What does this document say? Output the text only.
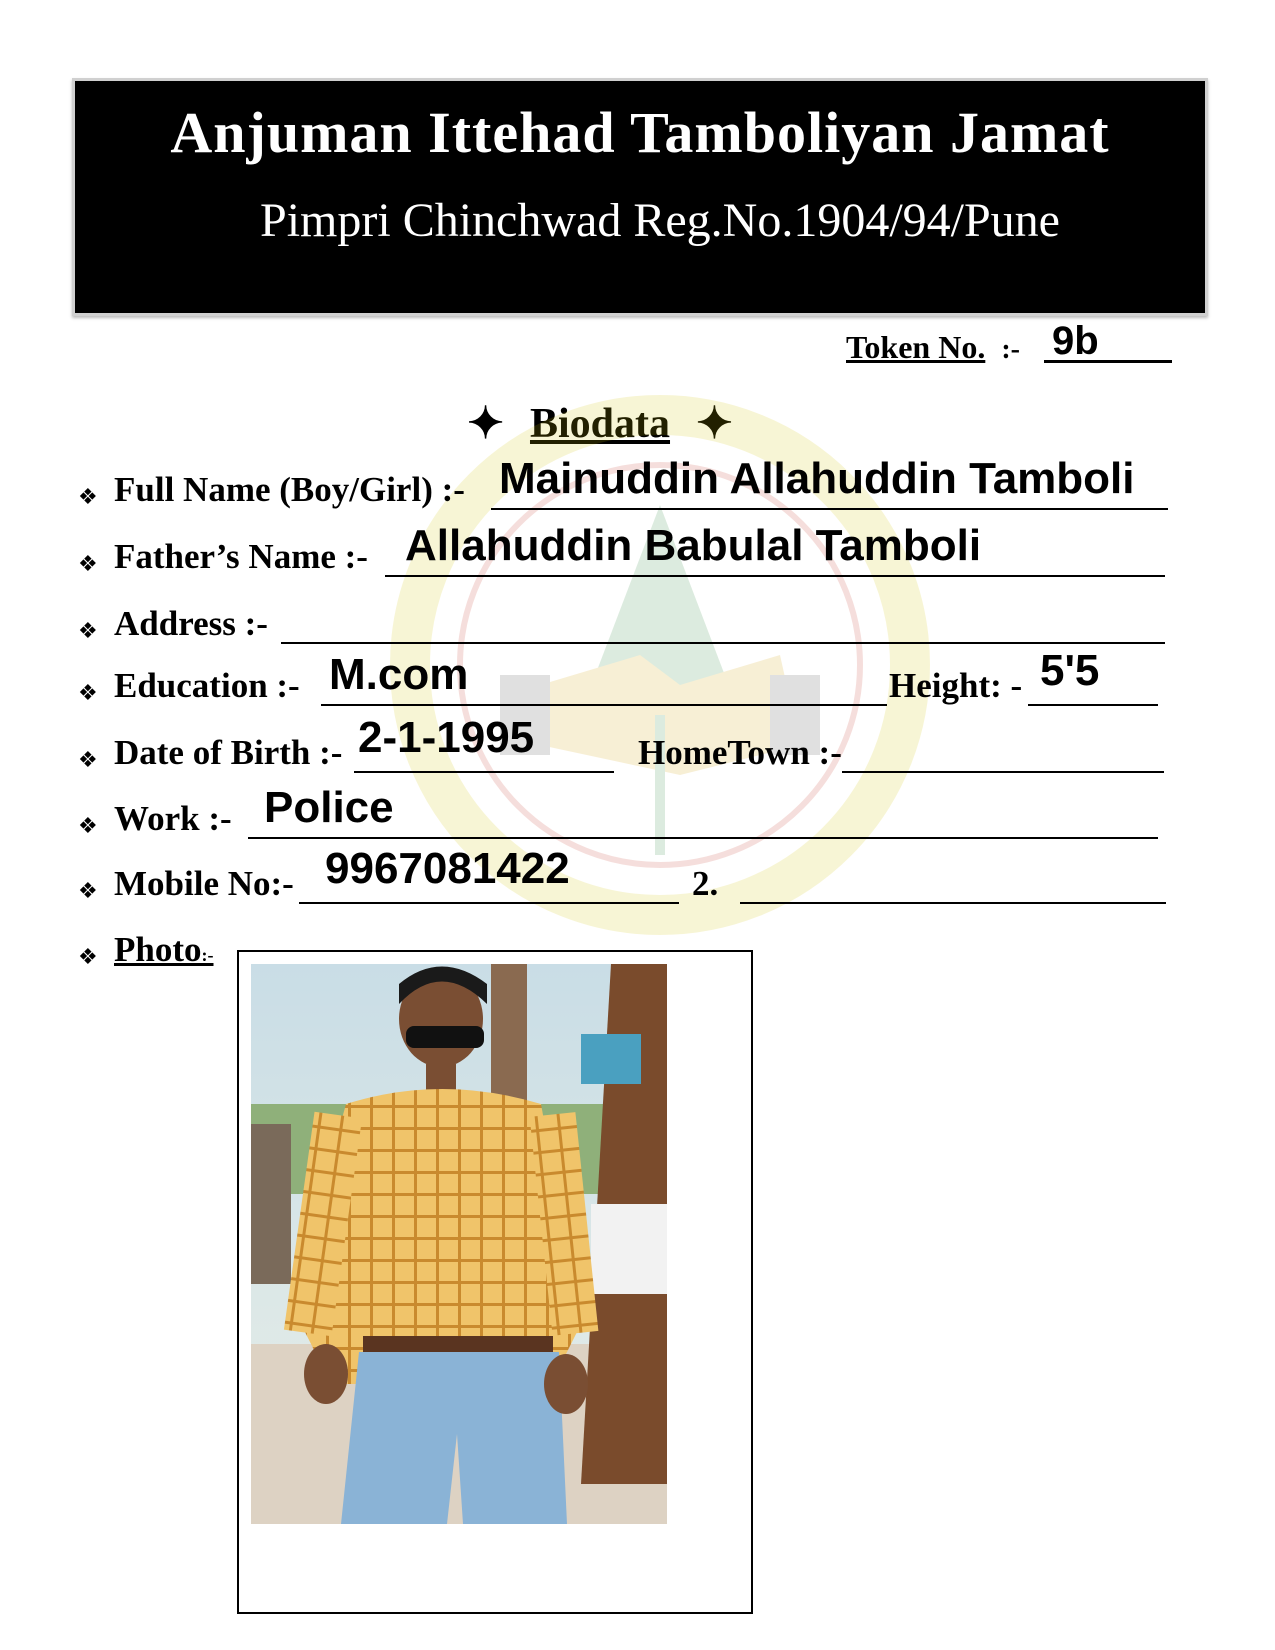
Anjuman Ittehad Tamboliyan Jamat
Pimpri Chinchwad Reg.No.1904/94/Pune
Token No. :- 9b
✦ Biodata ✦
❖ Full Name (Boy/Girl) :- Mainuddin Allahuddin Tamboli
❖ Father’s Name :- Allahuddin Babulal Tamboli
❖ Address :-
❖ Education :- M.com	Height: - 5'5
❖ Date of Birth :- 2-1-1995	HomeTown :-
❖ Work :- Police
❖ Mobile No:- 9967081422	2.
❖ Photo:-
